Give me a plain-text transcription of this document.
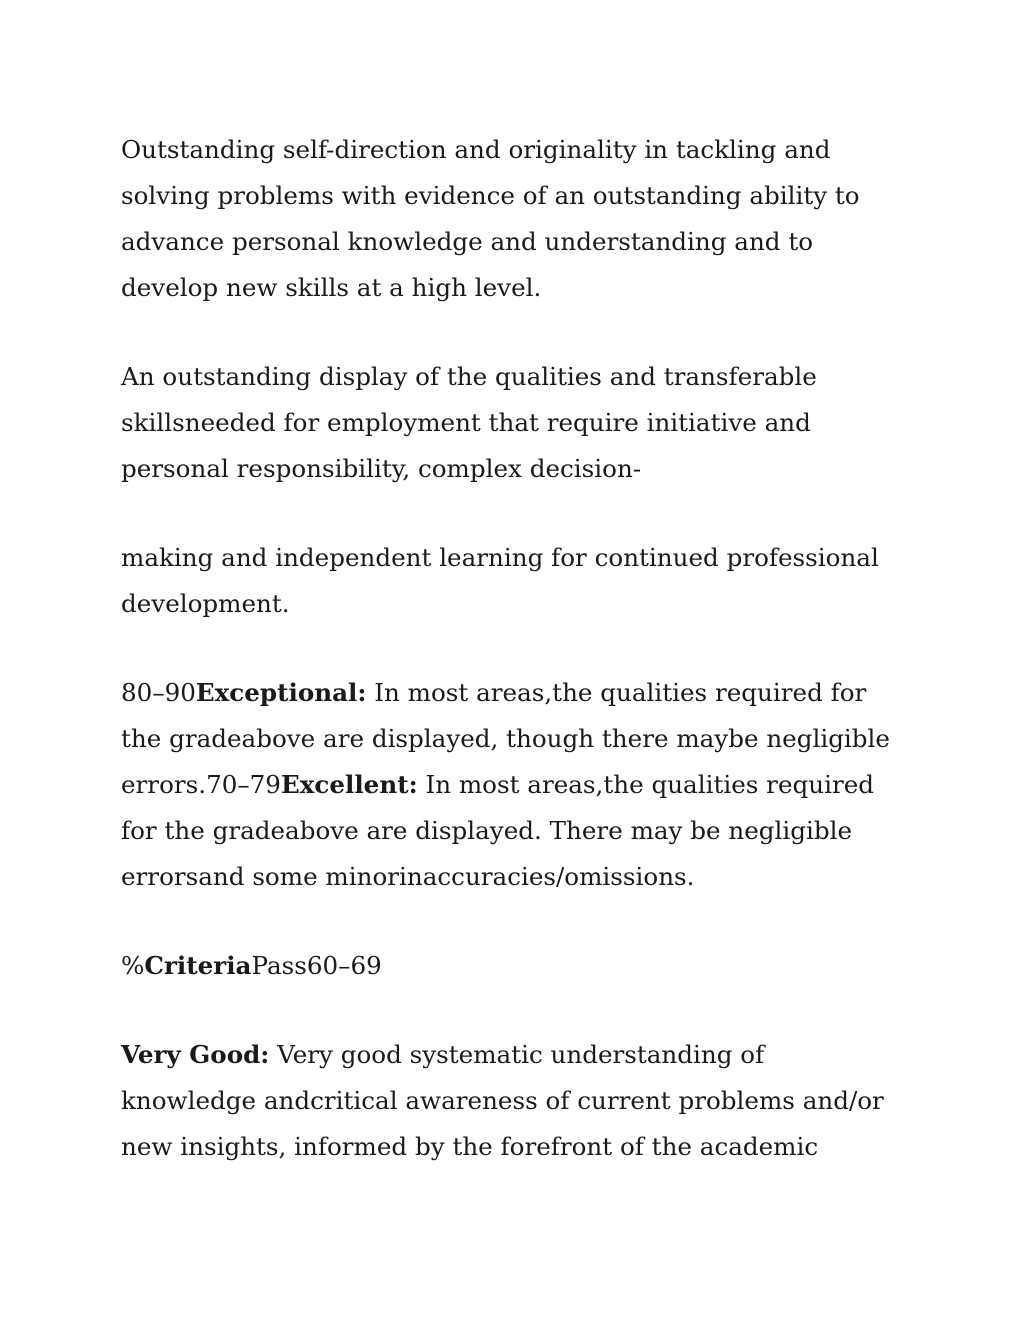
Outstanding self-direction and originality in tackling and
solving problems with evidence of an outstanding ability to
advance personal knowledge and understanding and to
develop new skills at a high level.

An outstanding display of the qualities and transferable
skillsneeded for employment that require initiative and
personal responsibility, complex decision-

making and independent learning for continued professional
development.

80–90Exceptional: In most areas,the qualities required for
the gradeabove are displayed, though there maybe negligible
errors.70–79Excellent: In most areas,the qualities required
for the gradeabove are displayed. There may be negligible
errorsand some minorinaccuracies/omissions.

%CriteriaPass60–69

Very Good: Very good systematic understanding of
knowledge andcritical awareness of current problems and/or
new insights, informed by the forefront of the academic
